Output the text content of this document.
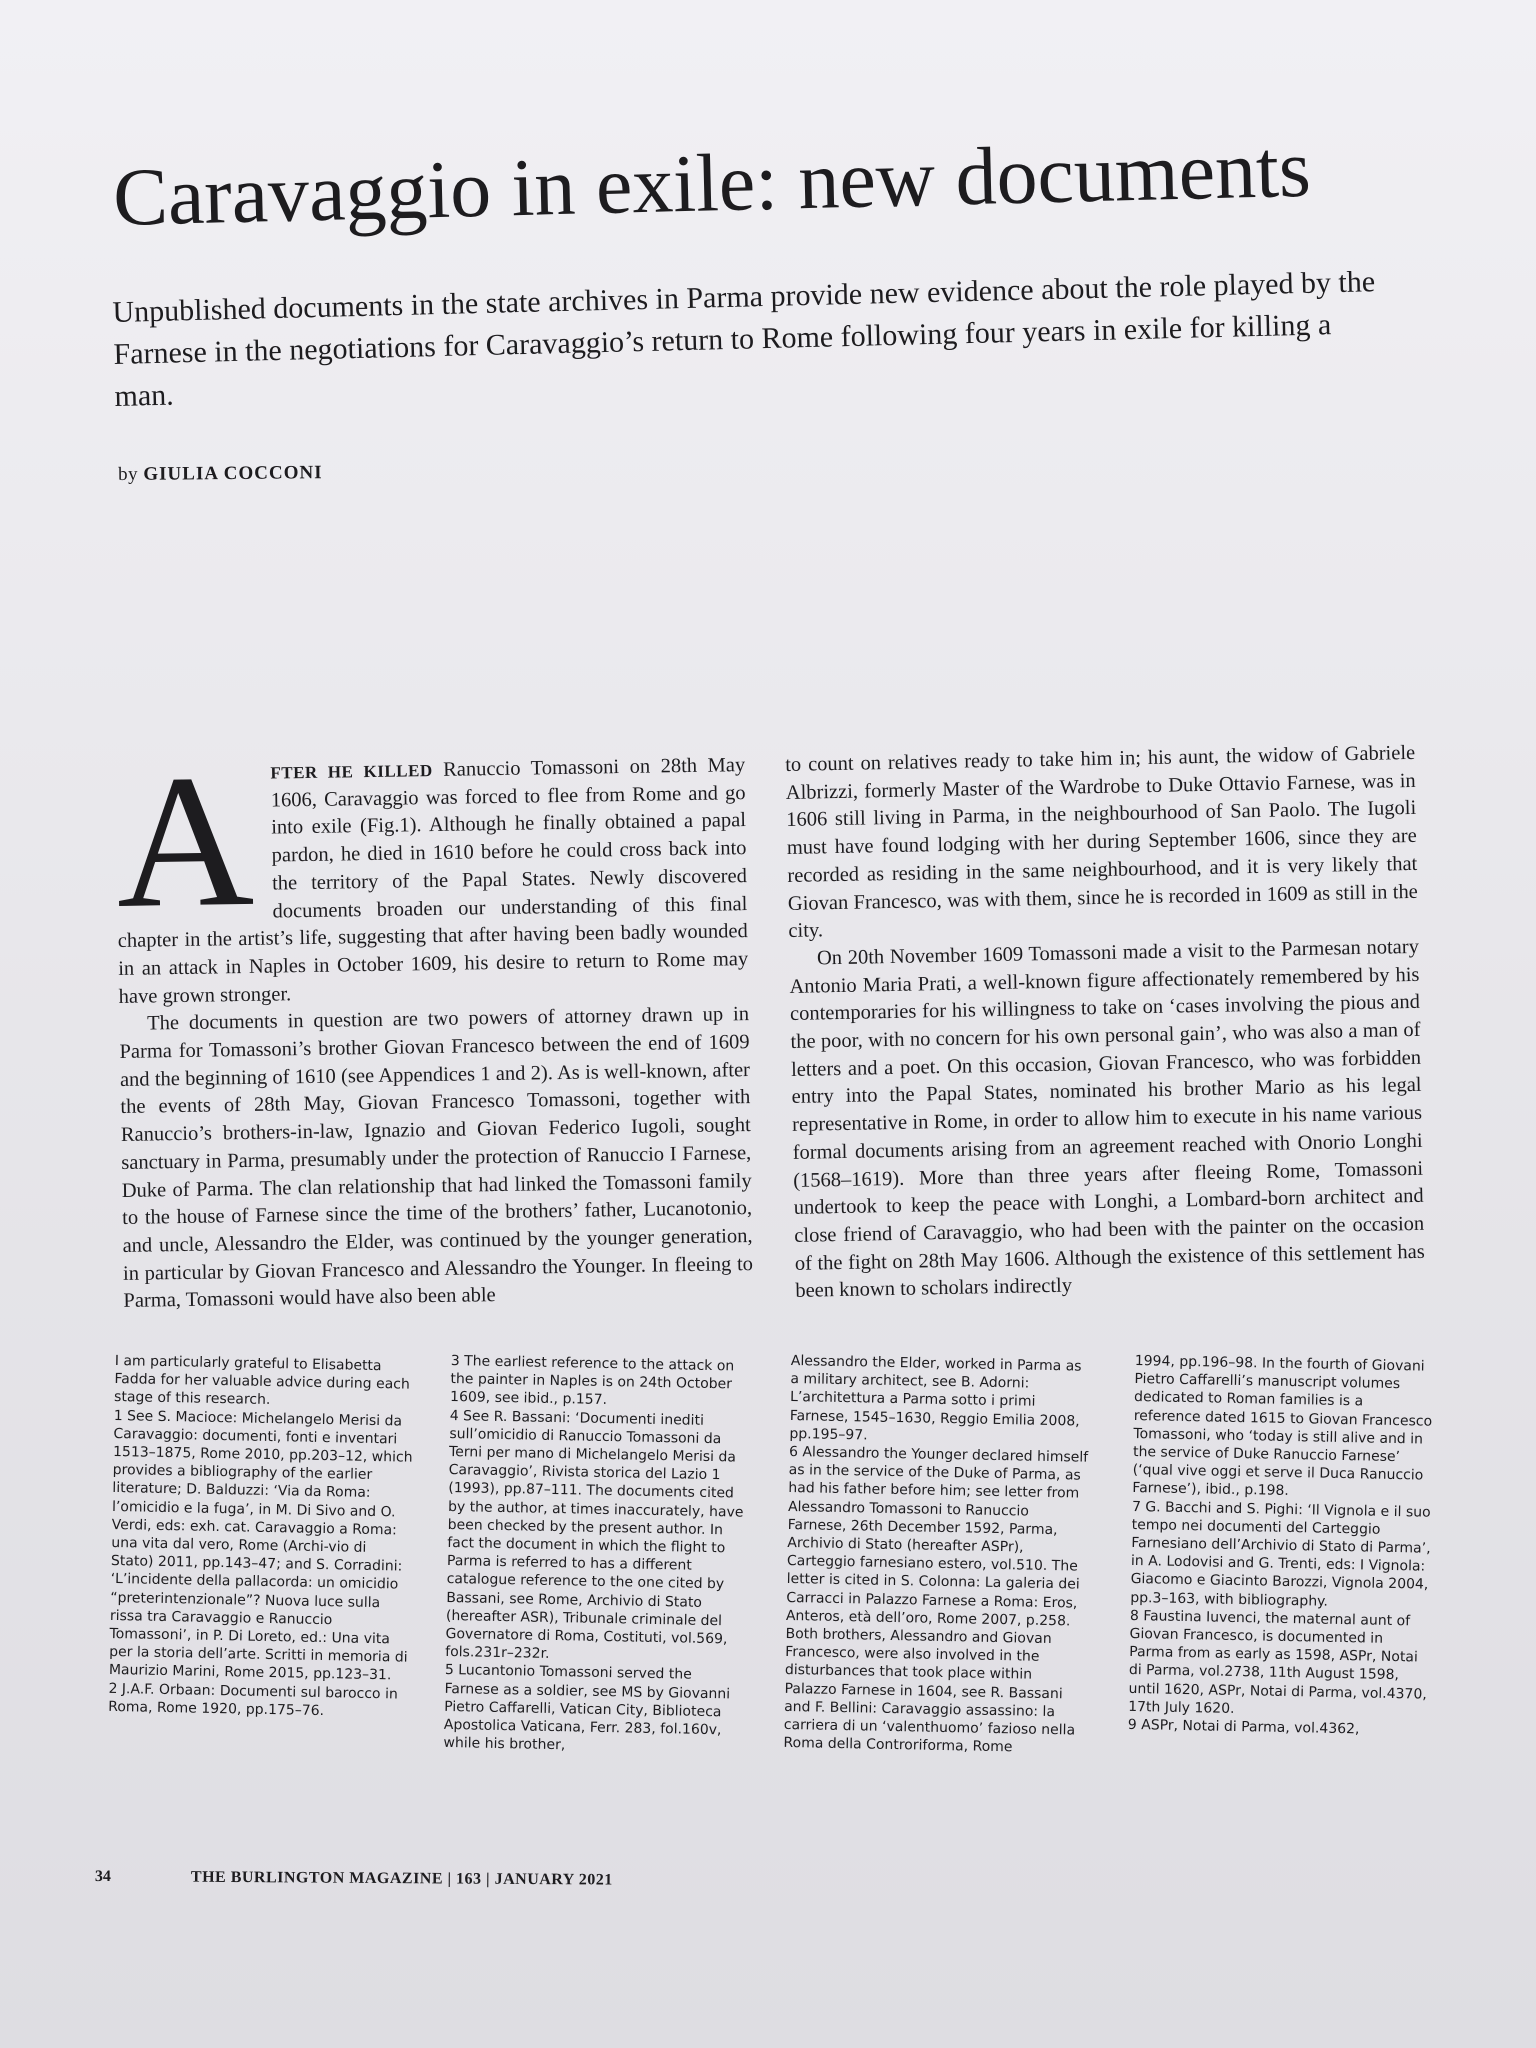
Caravaggio in exile: new documents

Unpublished documents in the state archives in Parma provide new evidence about the role played by the Farnese in the negotiations for Caravaggio’s return to Rome following four years in exile for killing a man.

by GIULIA COCCONI

AFTER HE KILLED Ranuccio Tomassoni on 28th May 1606, Caravaggio was forced to flee from Rome and go into exile (Fig.1). Although he finally obtained a papal pardon, he died in 1610 before he could cross back into the territory of the Papal States. Newly discovered documents broaden our understanding of this final chapter in the artist’s life, suggesting that after having been badly wounded in an attack in Naples in October 1609, his desire to return to Rome may have grown stronger.

The documents in question are two powers of attorney drawn up in Parma for Tomassoni’s brother Giovan Francesco between the end of 1609 and the beginning of 1610 (see Appendices 1 and 2). As is well-known, after the events of 28th May, Giovan Francesco Tomassoni, together with Ranuccio’s brothers-in-law, Ignazio and Giovan Federico Iugoli, sought sanctuary in Parma, presumably under the protection of Ranuccio I Farnese, Duke of Parma. The clan relationship that had linked the Tomassoni family to the house of Farnese since the time of the brothers’ father, Lucanotonio, and uncle, Alessandro the Elder, was continued by the younger generation, in particular by Giovan Francesco and Alessandro the Younger. In fleeing to Parma, Tomassoni would have also been able

to count on relatives ready to take him in; his aunt, the widow of Gabriele Albrizzi, formerly Master of the Wardrobe to Duke Ottavio Farnese, was in 1606 still living in Parma, in the neighbourhood of San Paolo. The Iugoli must have found lodging with her during September 1606, since they are recorded as residing in the same neighbourhood, and it is very likely that Giovan Francesco, was with them, since he is recorded in 1609 as still in the city.

On 20th November 1609 Tomassoni made a visit to the Parmesan notary Antonio Maria Prati, a well-known figure affectionately remembered by his contemporaries for his willingness to take on ‘cases involving the pious and the poor, with no concern for his own personal gain’, who was also a man of letters and a poet. On this occasion, Giovan Francesco, who was forbidden entry into the Papal States, nominated his brother Mario as his legal representative in Rome, in order to allow him to execute in his name various formal documents arising from an agreement reached with Onorio Longhi (1568–1619). More than three years after fleeing Rome, Tomassoni undertook to keep the peace with Longhi, a Lombard-born architect and close friend of Caravaggio, who had been with the painter on the occasion of the fight on 28th May 1606. Although the existence of this settlement has been known to scholars indirectly

I am particularly grateful to Elisabetta Fadda for her valuable advice during each stage of this research.
1 See S. Macioce: Michelangelo Merisi da Caravaggio: documenti, fonti e inventari 1513–1875, Rome 2010, pp.203–12, which provides a bibliography of the earlier literature; D. Balduzzi: ‘Via da Roma: l’omicidio e la fuga’, in M. Di Sivo and O. Verdi, eds: exh. cat. Caravaggio a Roma: una vita dal vero, Rome (Archi-vio di Stato) 2011, pp.143–47; and S. Corradini: ‘L’incidente della pallacorda: un omicidio “preterintenzionale”? Nuova luce sulla rissa tra Caravaggio e Ranuccio Tomassoni’, in P. Di Loreto, ed.: Una vita per la storia dell’arte. Scritti in memoria di Maurizio Marini, Rome 2015, pp.123–31.
2 J.A.F. Orbaan: Documenti sul barocco in Roma, Rome 1920, pp.175–76.
3 The earliest reference to the attack on the painter in Naples is on 24th October 1609, see ibid., p.157.
4 See R. Bassani: ‘Documenti inediti sull’omicidio di Ranuccio Tomassoni da Terni per mano di Michelangelo Merisi da Caravaggio’, Rivista storica del Lazio 1 (1993), pp.87–111. The documents cited by the author, at times inaccurately, have been checked by the present author. In fact the document in which the flight to Parma is referred to has a different catalogue reference to the one cited by Bassani, see Rome, Archivio di Stato (hereafter ASR), Tribunale criminale del Governatore di Roma, Costituti, vol.569, fols.231r–232r.
5 Lucantonio Tomassoni served the Farnese as a soldier, see MS by Giovanni Pietro Caffarelli, Vatican City, Biblioteca Apostolica Vaticana, Ferr. 283, fol.160v, while his brother,
Alessandro the Elder, worked in Parma as a military architect, see B. Adorni: L’architettura a Parma sotto i primi Farnese, 1545–1630, Reggio Emilia 2008, pp.195–97.
6 Alessandro the Younger declared himself as in the service of the Duke of Parma, as had his father before him; see letter from Alessandro Tomassoni to Ranuccio Farnese, 26th December 1592, Parma, Archivio di Stato (hereafter ASPr), Carteggio farnesiano estero, vol.510. The letter is cited in S. Colonna: La galeria dei Carracci in Palazzo Farnese a Roma: Eros, Anteros, età dell’oro, Rome 2007, p.258. Both brothers, Alessandro and Giovan Francesco, were also involved in the disturbances that took place within Palazzo Farnese in 1604, see R. Bassani and F. Bellini: Caravaggio assassino: la carriera di un ‘valenthuomo’ fazioso nella Roma della Controriforma, Rome
1994, pp.196–98. In the fourth of Giovani Pietro Caffarelli’s manuscript volumes dedicated to Roman families is a reference dated 1615 to Giovan Francesco Tomassoni, who ‘today is still alive and in the service of Duke Ranuccio Farnese’ (‘qual vive oggi et serve il Duca Ranuccio Farnese’), ibid., p.198.
7 G. Bacchi and S. Pighi: ‘Il Vignola e il suo tempo nei documenti del Carteggio Farnesiano dell’Archivio di Stato di Parma’, in A. Lodovisi and G. Trenti, eds: I Vignola: Giacomo e Giacinto Barozzi, Vignola 2004, pp.3–163, with bibliography.
8 Faustina Iuvenci, the maternal aunt of Giovan Francesco, is documented in Parma from as early as 1598, ASPr, Notai di Parma, vol.2738, 11th August 1598, until 1620, ASPr, Notai di Parma, vol.4370, 17th July 1620.
9 ASPr, Notai di Parma, vol.4362,
34	THE BURLINGTON MAGAZINE | 163 | JANUARY 2021
